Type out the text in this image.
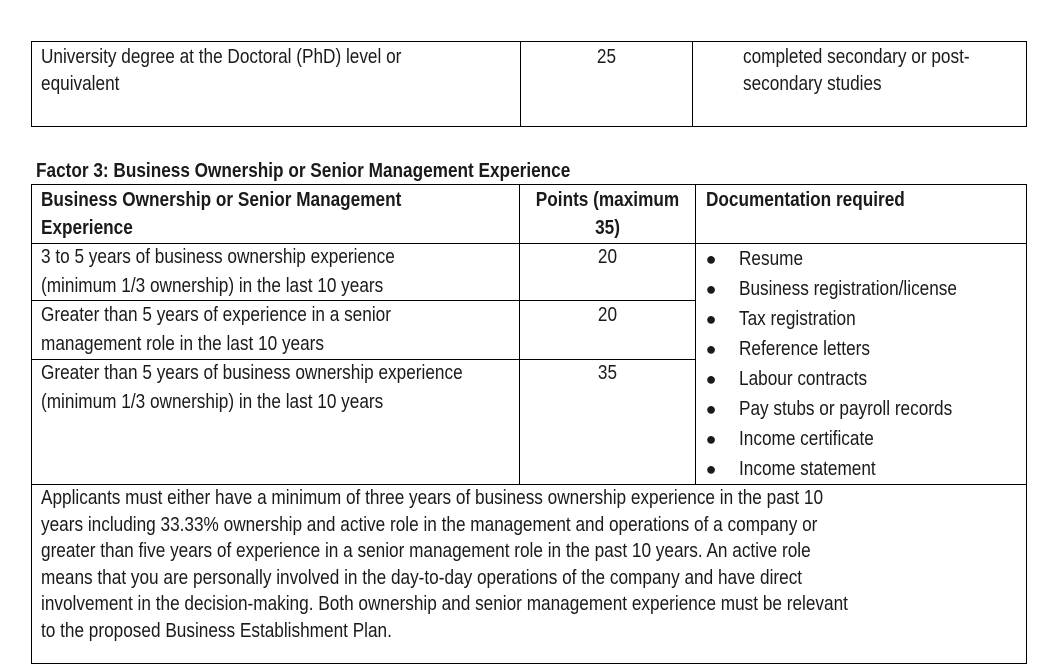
University degree at the Doctoral (PhD) level or
equivalent
25	completed secondary or post-
secondary studies
Factor 3: Business Ownership or Senior Management Experience
Business Ownership or Senior Management
Experience
Points (maximum
35)
Documentation required
3 to 5 years of business ownership experience
(minimum 1/3 ownership) in the last 10 years
20
Greater than 5 years of experience in a senior
management role in the last 10 years
20
Greater than 5 years of business ownership experience
(minimum 1/3 ownership) in the last 10 years
35
● Resume
● Business registration/license
● Tax registration
● Reference letters
● Labour contracts
● Pay stubs or payroll records
● Income certificate
● Income statement
Applicants must either have a minimum of three years of business ownership experience in the past 10
years including 33.33% ownership and active role in the management and operations of a company or
greater than five years of experience in a senior management role in the past 10 years. An active role
means that you are personally involved in the day-to-day operations of the company and have direct
involvement in the decision-making. Both ownership and senior management experience must be relevant
to the proposed Business Establishment Plan.
